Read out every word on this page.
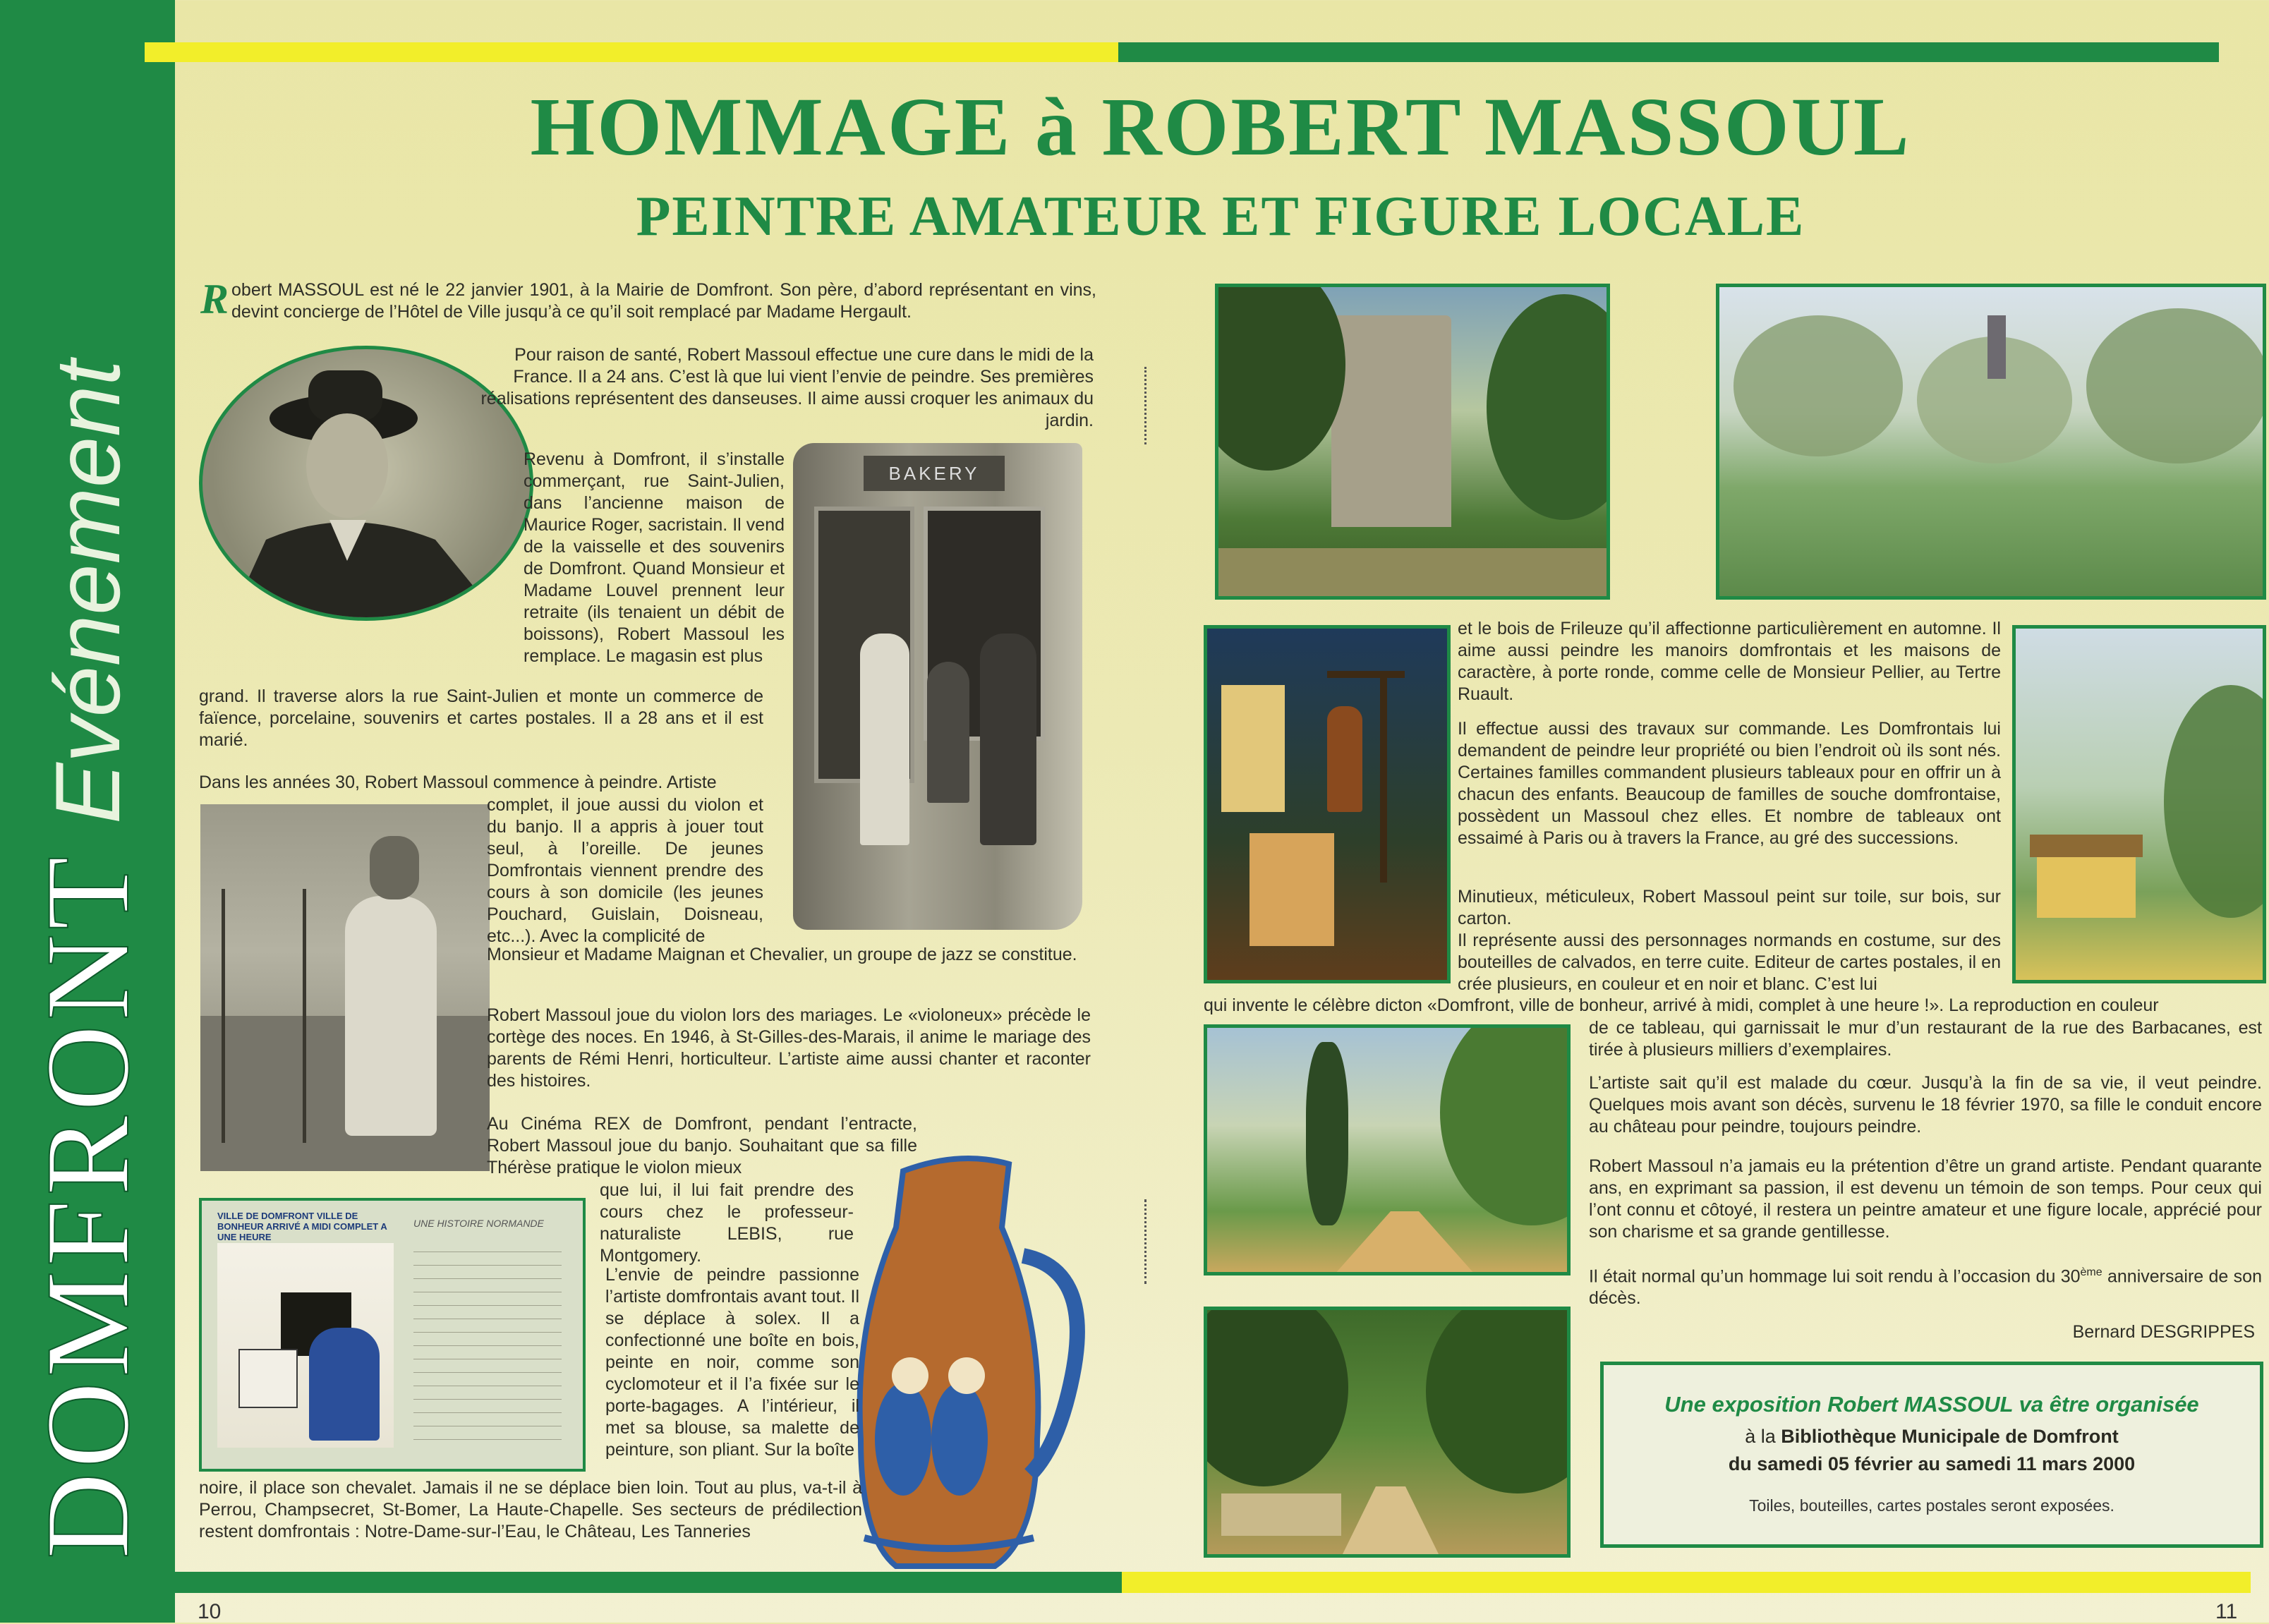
DOMFRONT
Evénement
HOMMAGE à ROBERT MASSOUL
PEINTRE AMATEUR ET FIGURE LOCALE
Robert MASSOUL est né le 22 janvier 1901, à la Mairie de Domfront. Son père, d’abord représentant en vins, devint concierge de l’Hôtel de Ville jusqu’à ce qu’il soit remplacé par Madame Hergault.
Pour raison de santé, Robert Massoul effectue une cure dans le midi de la France. Il a 24 ans. C’est là que lui vient l’envie de peindre. Ses premières réalisations représentent des danseuses. Il aime aussi croquer les animaux du jardin.
BAKERY
Revenu à Domfront, il s’installe commerçant, rue Saint-Julien, dans l’ancienne maison de Maurice Roger, sacristain. Il vend de la vaisselle et des souvenirs de Domfront. Quand Monsieur et Madame Louvel prennent leur retraite (ils tenaient un débit de boissons), Robert Massoul les remplace. Le magasin est plus
grand. Il traverse alors la rue Saint-Julien et monte un commerce de faïence, porcelaine, souvenirs et cartes postales. Il a 28 ans et il est marié.
Dans les années 30, Robert Massoul commence à peindre. Artiste
complet, il joue aussi du violon et du banjo. Il a appris à jouer tout seul, à l’oreille. De jeunes Domfrontais viennent prendre des cours à son domicile (les jeunes Pouchard, Guislain, Doisneau, etc...). Avec la complicité de
Monsieur et Madame Maignan et Chevalier, un groupe de jazz se constitue.
Robert Massoul joue du violon lors des mariages. Le «violoneux» précède le cortège des noces. En 1946, à St-Gilles-des-Marais, il anime le mariage des parents de Rémi Henri, horticulteur. L’artiste aime aussi chanter et raconter des histoires.
Au Cinéma REX de Domfront, pendant l’entracte, Robert Massoul joue du banjo. Souhaitant que sa fille Thérèse pratique le violon mieux
que lui, il lui fait prendre des cours chez le professeur-naturaliste LEBIS, rue Montgomery.
VILLE DE DOMFRONT VILLE DE BONHEUR ARRIVÉ A MIDI COMPLET A UNE HEURE
UNE HISTOIRE NORMANDE
L’envie de peindre passionne l’artiste domfrontais avant tout. Il se déplace à solex. Il a confectionné une boîte en bois, peinte en noir, comme son cyclomoteur et il l’a fixée sur le porte-bagages. A l’intérieur, il met sa blouse, sa malette de peinture, son pliant. Sur la boîte
noire, il place son chevalet. Jamais il ne se déplace bien loin. Tout au plus, va-t-il à Perrou, Champsecret, St-Bomer, La Haute-Chapelle. Ses secteurs de prédilection restent domfrontais : Notre-Dame-sur-l’Eau, le Château, Les Tanneries
et le bois de Frileuze qu’il affectionne particulièrement en automne. Il aime aussi peindre les manoirs domfrontais et les maisons de caractère, à porte ronde, comme celle de Monsieur Pellier, au Tertre Ruault.
Il effectue aussi des travaux sur commande. Les Domfrontais lui demandent de peindre leur propriété ou bien l’endroit où ils sont nés. Certaines familles commandent plusieurs tableaux pour en offrir un à chacun des enfants. Beaucoup de familles de souche domfrontaise, possèdent un Massoul chez elles. Et nombre de tableaux ont essaimé à Paris ou à travers la France, au gré des successions.
Minutieux, méticuleux, Robert Massoul peint sur toile, sur bois, sur carton.
Il représente aussi des personnages normands en costume, sur des bouteilles de calvados, en terre cuite. Editeur de cartes postales, il en crée plusieurs, en couleur et en noir et blanc. C’est lui
qui invente le célèbre dicton «Domfront, ville de bonheur, arrivé à midi, complet à une heure !». La reproduction en couleur
de ce tableau, qui garnissait le mur d’un restaurant de la rue des Barbacanes, est tirée à plusieurs milliers d’exemplaires.
L’artiste sait qu’il est malade du cœur. Jusqu’à la fin de sa vie, il veut peindre. Quelques mois avant son décès, survenu le 18 février 1970, sa fille le conduit encore au château pour peindre, toujours peindre.
Robert Massoul n’a jamais eu la prétention d’être un grand artiste. Pendant quarante ans, en exprimant sa passion, il est devenu un témoin de son temps. Pour ceux qui l’ont connu et côtoyé, il restera un peintre amateur et une figure locale, apprécié pour son charisme et sa grande gentillesse.
Il était normal qu’un hommage lui soit rendu à l’occasion du 30ème anniversaire de son décès.
Bernard DESGRIPPES
Une exposition Robert MASSOUL va être organisée
à la Bibliothèque Municipale de Domfront
du samedi 05 février au samedi 11 mars 2000
Toiles, bouteilles, cartes postales seront exposées.
10	11
